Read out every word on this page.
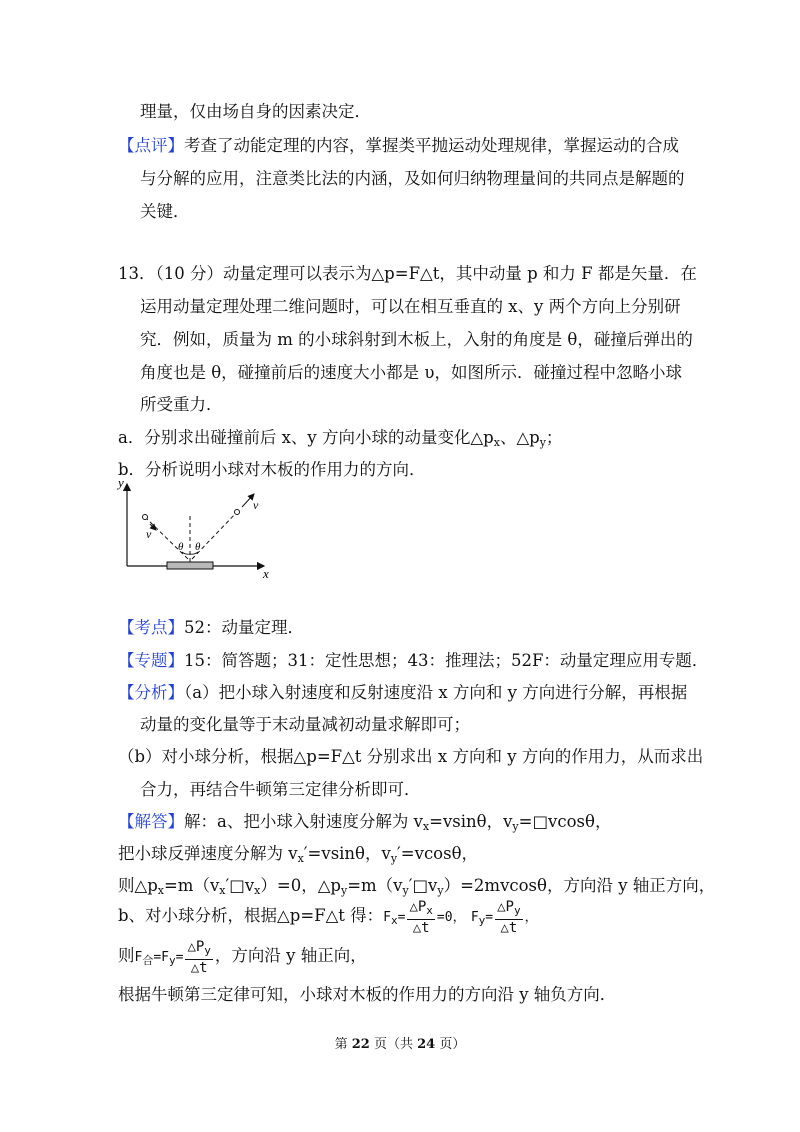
理量，仅由场自身的因素决定．
【点评】考查了动能定理的内容，掌握类平抛运动处理规律，掌握运动的合成
与分解的应用，注意类比法的内涵，及如何归纳物理量间的共同点是解题的
关键．
13．（10 分）动量定理可以表示为△p=F△t，其中动量 p 和力 F 都是矢量．在
运用动量定理处理二维问题时，可以在相互垂直的 x、y 两个方向上分别研
究．例如，质量为 m 的小球斜射到木板上，入射的角度是 θ，碰撞后弹出的
角度也是 θ，碰撞前后的速度大小都是 υ，如图所示．碰撞过程中忽略小球
所受重力．
a．分别求出碰撞前后 x、y 方向小球的动量变化$\triangle p_x$、$\triangle p_y$；
b．分析说明小球对木板的作用力的方向．
y
x
v
v
θ θ
【考点】52：动量定理．
【专题】15：简答题；31：定性思想；43：推理法；52F：动量定理应用专题．
【分析】（a）把小球入射速度和反射速度沿 x 方向和 y 方向进行分解，再根据
动量的变化量等于末动量减初动量求解即可；
（b）对小球分析，根据△p=F△t 分别求出 x 方向和 y 方向的作用力，从而求出
合力，再结合牛顿第三定律分析即可．
【解答】解：a、把小球入射速度分解为 $v_x=vsin\theta$，$v_y=□vcos\theta$，
把小球反弹速度分解为 $v_x'=vsin\theta$，$v_y'=vcos\theta$，
则$\triangle p_x=m(v_x'□v_x)=0$，$\triangle p_y=m(v_y'□v_y)=2mvcos\theta$，方向沿 y 轴正方向，
b、对小球分析，根据△p=F△t 得：$F_x= \frac{\triangle P_x}{\triangle t} =0$， $F_y= \frac{\triangle P_y}{\triangle t}$ ，
则$F_合=F_y= \frac{\triangle P_y}{\triangle t}$ ，方向沿 y 轴正向，
根据牛顿第三定律可知，小球对木板的作用力的方向沿 y 轴负方向．
第 22 页（共 24 页）
